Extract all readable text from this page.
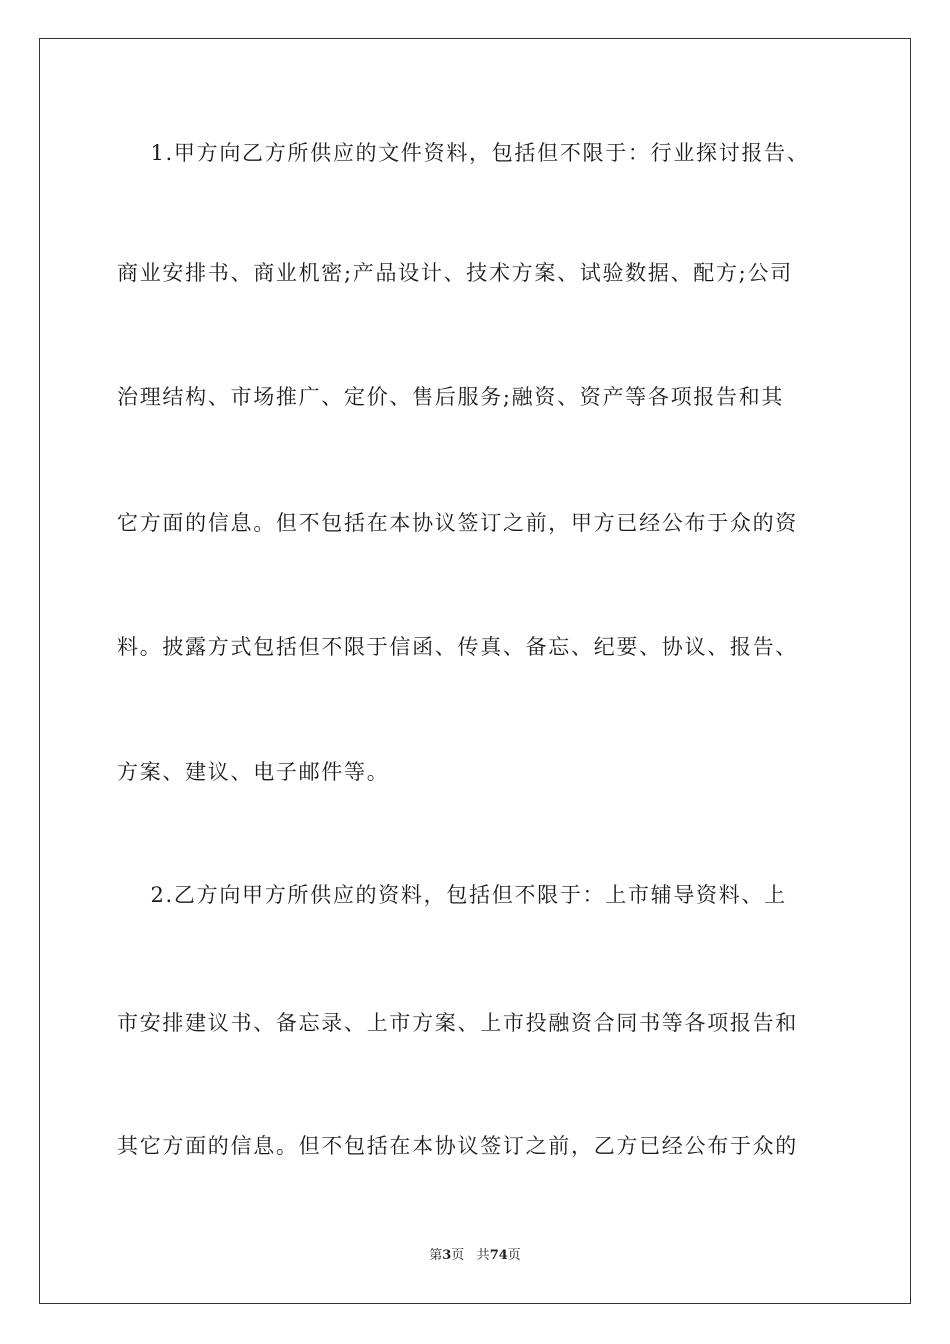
1.甲方向乙方所供应的文件资料，包括但不限于：行业探讨报告、
商业安排书、商业机密;产品设计、技术方案、试验数据、配方;公司
治理结构、市场推广、定价、售后服务;融资、资产等各项报告和其
它方面的信息。但不包括在本协议签订之前，甲方已经公布于众的资
料。披露方式包括但不限于信函、传真、备忘、纪要、协议、报告、
方案、建议、电子邮件等。
2.乙方向甲方所供应的资料，包括但不限于：上市辅导资料、上
市安排建议书、备忘录、上市方案、上市投融资合同书等各项报告和
其它方面的信息。但不包括在本协议签订之前，乙方已经公布于众的
第3页 共74页
